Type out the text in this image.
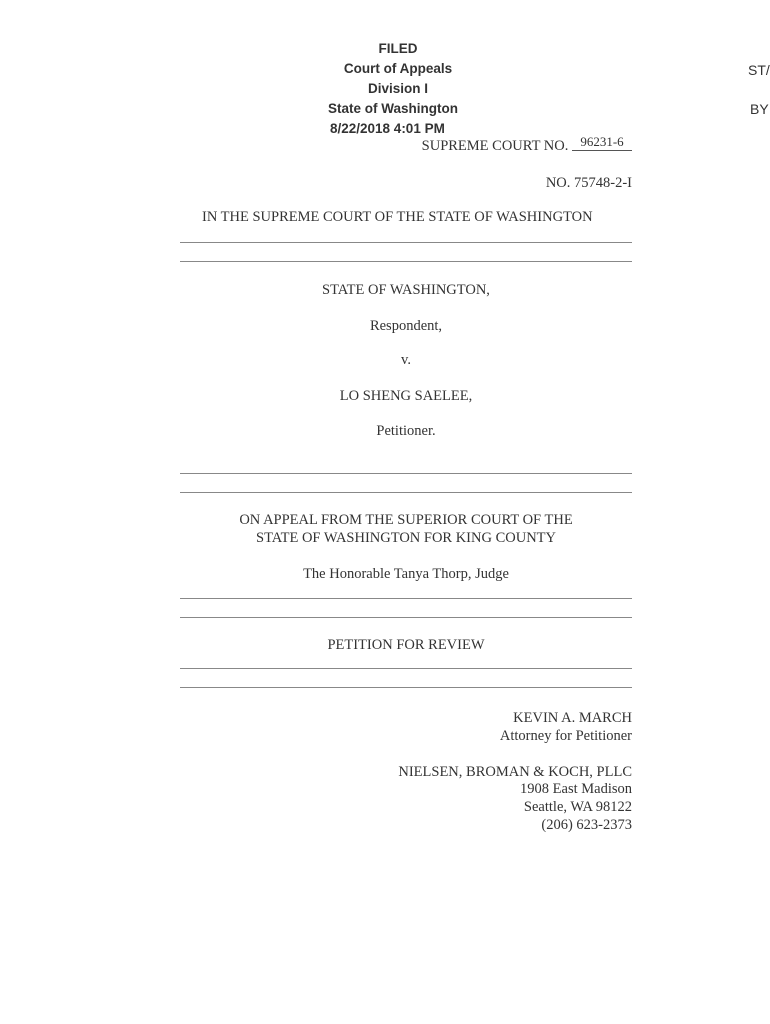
FILED
Court of Appeals
Division I
State of Washington
8/22/2018 4:01 PM
ST/
BY
SUPREME COURT NO. 96231-6
NO. 75748-2-I
IN THE SUPREME COURT OF THE STATE OF WASHINGTON
STATE OF WASHINGTON,
Respondent,
v.
LO SHENG SAELEE,
Petitioner.
ON APPEAL FROM THE SUPERIOR COURT OF THE
STATE OF WASHINGTON FOR KING COUNTY
The Honorable Tanya Thorp, Judge
PETITION FOR REVIEW
KEVIN A. MARCH
Attorney for Petitioner
NIELSEN, BROMAN & KOCH, PLLC
1908 East Madison
Seattle, WA 98122
(206) 623-2373
